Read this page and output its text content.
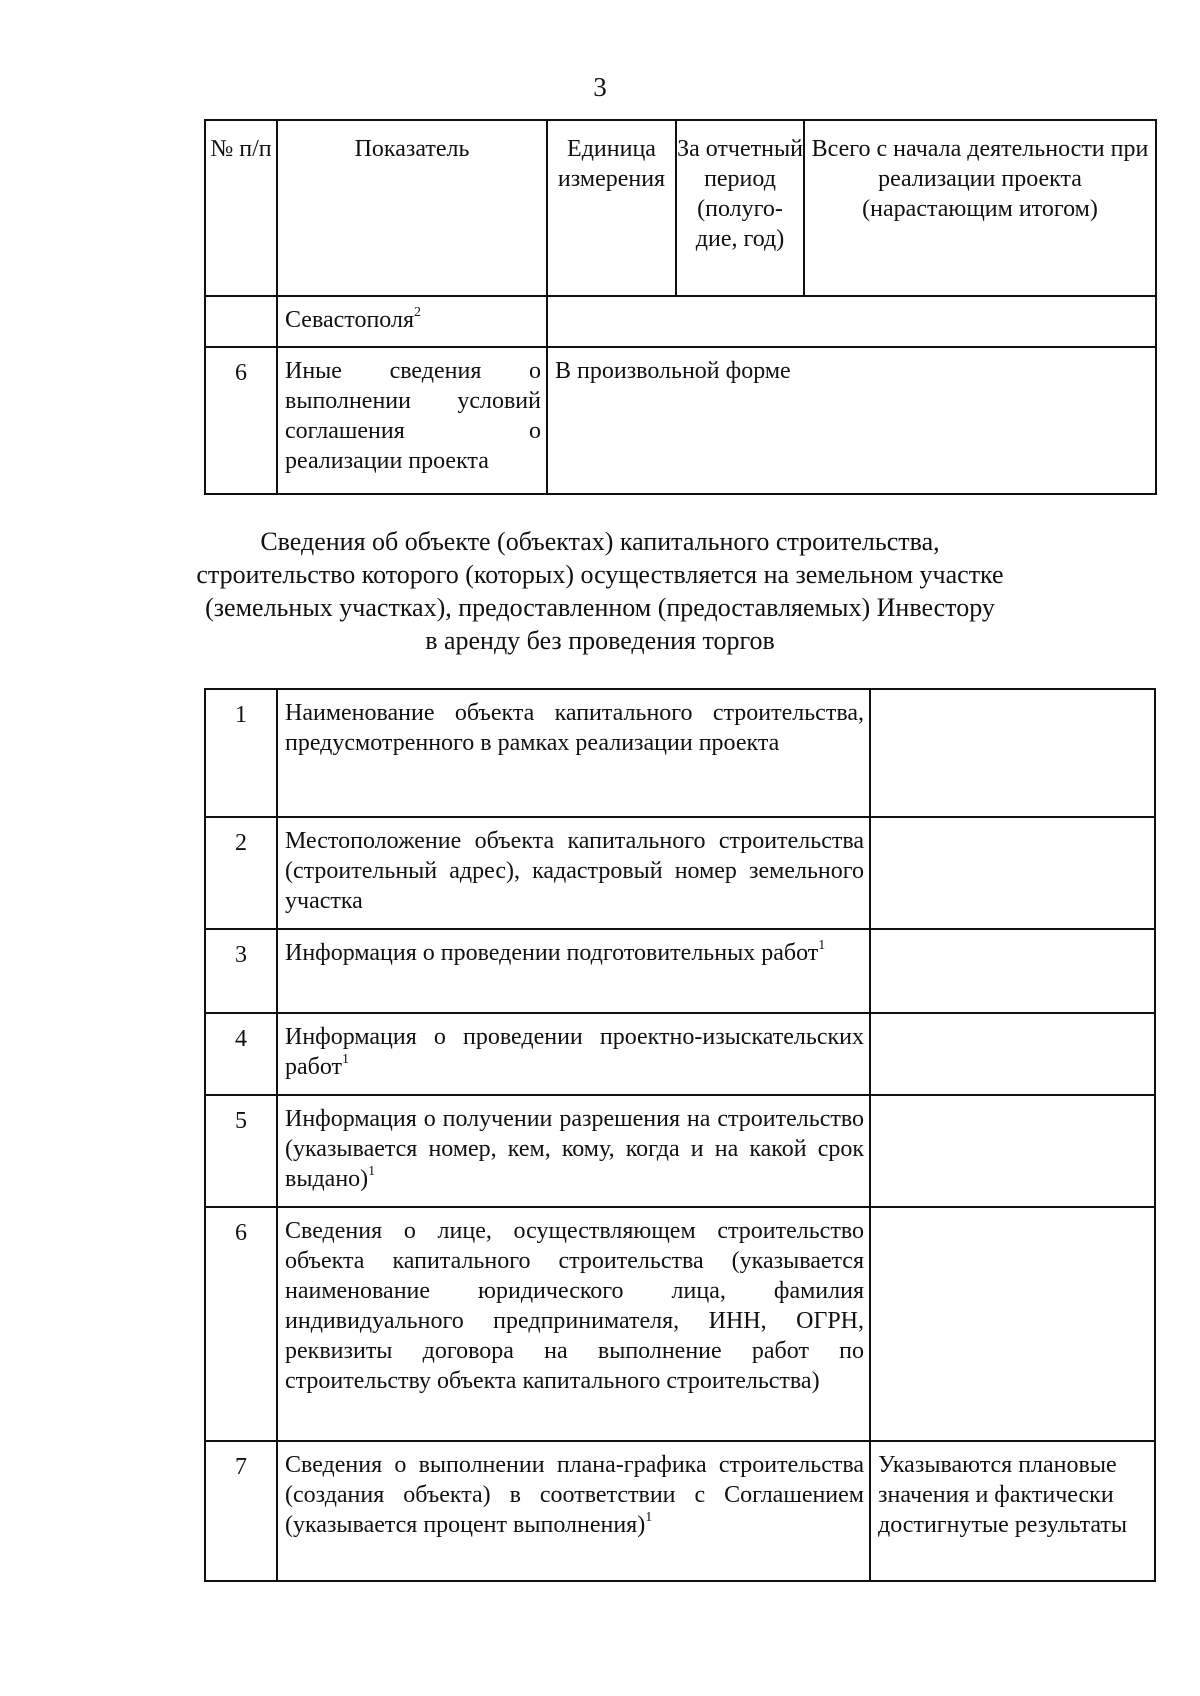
3
№ п/п	Показатель	Единица измерения	За отчетный период (полуго-дие, год)	Всего с начала деятельности при реализации проекта (нарастающим итогом)
	Севастополя$^2$	
6	Иные сведения о выполнении условий соглашения о реализации проекта	В произвольной форме		
Сведения об объекте (объектах) капитального строительства,
строительство которого (которых) осуществляется на земельном участке
(земельных участках), предоставленном (предоставляемых) Инвестору
в аренду без проведения торгов
1	Наименование объекта капитального строительства, предусмотренного в рамках реализации проекта	
2	Местоположение объекта капитального строительства (строительный адрес), кадастровый номер земельного участка	
3	Информация о проведении подготовительных работ$^1$	
4	Информация о проведении проектно-изыскательских работ$^1$	
5	Информация о получении разрешения на строительство (указывается номер, кем, кому, когда и на какой срок выдано)$^1$	
6	Сведения о лице, осуществляющем строительство объекта капитального строительства (указывается наименование юридического лица, фамилия индивидуального предпринимателя, ИНН, ОГРН, реквизиты договора на выполнение работ по строительству объекта капитального строительства)	
7	Сведения о выполнении плана-графика строительства (создания объекта) в соответствии с Соглашением (указывается процент выполнения)$^1$	Указываются плановые значения и фактически достигнутые результаты
